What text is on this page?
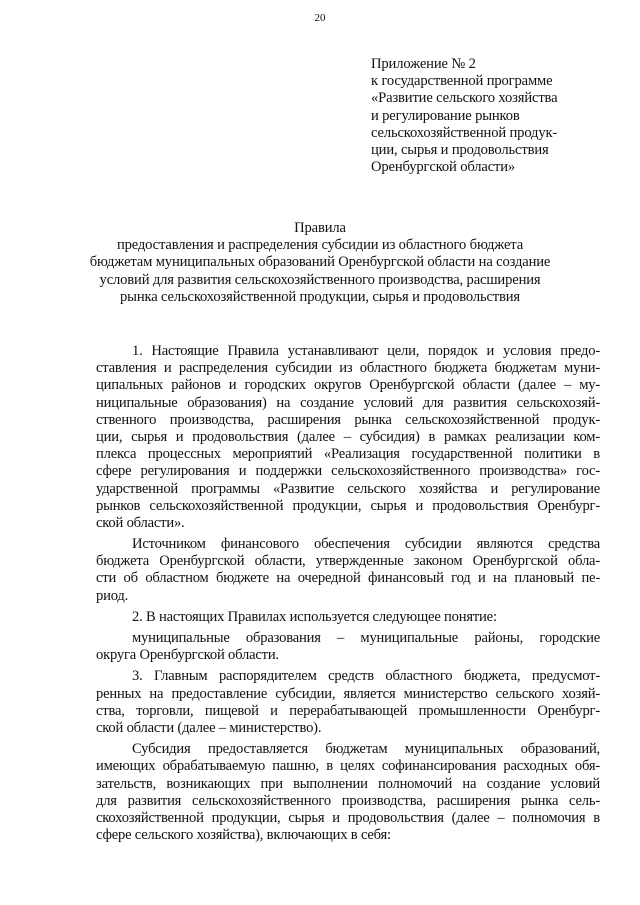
20
Приложение № 2
к государственной программе
«Развитие сельского хозяйства
и регулирование рынков
сельскохозяйственной продук-
ции, сырья и продовольствия
Оренбургской области»
Правила
предоставления и распределения субсидии из областного бюджета
бюджетам муниципальных образований Оренбургской области на создание
условий для развития сельскохозяйственного производства, расширения
рынка сельскохозяйственной продукции, сырья и продовольствия
1. Настоящие Правила устанавливают цели, порядок и условия предо-
ставления и распределения субсидии из областного бюджета бюджетам муни-
ципальных районов и городских округов Оренбургской области (далее – му-
ниципальные образования) на создание условий для развития сельскохозяй-
ственного производства, расширения рынка сельскохозяйственной продук-
ции, сырья и продовольствия (далее – субсидия) в рамках реализации ком-
плекса процессных мероприятий «Реализация государственной политики в
сфере регулирования и поддержки сельскохозяйственного производства» гос-
ударственной программы «Развитие сельского хозяйства и регулирование
рынков сельскохозяйственной продукции, сырья и продовольствия Оренбург-
ской области».
Источником финансового обеспечения субсидии являются средства
бюджета Оренбургской области, утвержденные законом Оренбургской обла-
сти об областном бюджете на очередной финансовый год и на плановый пе-
риод.
2. В настоящих Правилах используется следующее понятие:
муниципальные образования – муниципальные районы, городские
округа Оренбургской области.
3. Главным распорядителем средств областного бюджета, предусмот-
ренных на предоставление субсидии, является министерство сельского хозяй-
ства, торговли, пищевой и перерабатывающей промышленности Оренбург-
ской области (далее – министерство).
Субсидия предоставляется бюджетам муниципальных образований,
имеющих обрабатываемую пашню, в целях софинансирования расходных обя-
зательств, возникающих при выполнении полномочий на создание условий
для развития сельскохозяйственного производства, расширения рынка сель-
скохозяйственной продукции, сырья и продовольствия (далее – полномочия в
сфере сельского хозяйства), включающих в себя:
